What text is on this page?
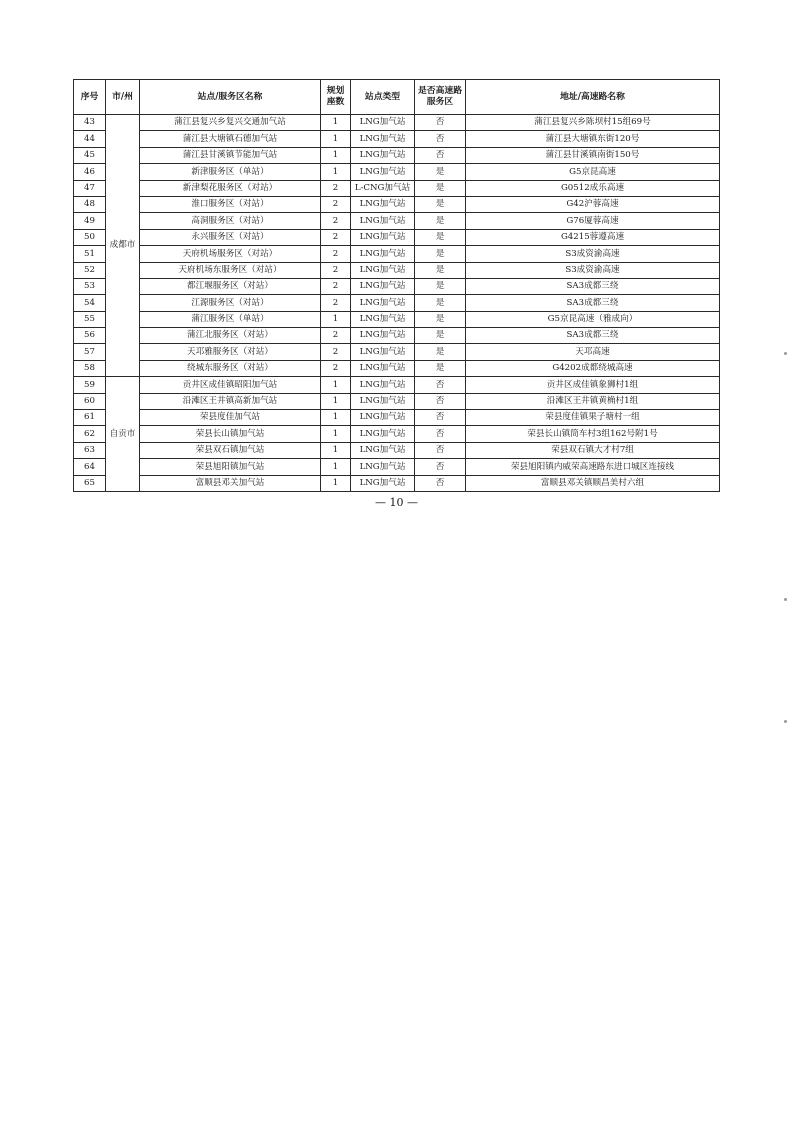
序号	市/州	站点/服务区名称	规划座数	站点类型	是否高速路服务区	地址/高速路名称
43	成都市	蒲江县复兴乡复兴交通加气站	1	LNG加气站	否	蒲江县复兴乡陈坝村15组69号
44		蒲江县大塘镇石德加气站	1	LNG加气站	否	蒲江县大塘镇东街120号
45		蒲江县甘溪镇节能加气站	1	LNG加气站	否	蒲江县甘溪镇南街150号
46		新津服务区（单站）	1	LNG加气站	是	G5京昆高速
47		新津梨花服务区（对站）	2	L-CNG加气站	是	G0512成乐高速
48		淮口服务区（对站）	2	LNG加气站	是	G42沪蓉高速
49		高洞服务区（对站）	2	LNG加气站	是	G76厦蓉高速
50		永兴服务区（对站）	2	LNG加气站	是	G4215蓉遵高速
51		天府机场服务区（对站）	2	LNG加气站	是	S3成资渝高速
52		天府机场东服务区（对站）	2	LNG加气站	是	S3成资渝高速
53		都江堰服务区（对站）	2	LNG加气站	是	SA3成都三绕
54		江源服务区（对站）	2	LNG加气站	是	SA3成都三绕
55		蒲江服务区（单站）	1	LNG加气站	是	G5京昆高速（雅成向）
56		蒲江北服务区（对站）	2	LNG加气站	是	SA3成都三绕
57		天邛雅服务区（对站）	2	LNG加气站	是	天邛高速
58		绕城东服务区（对站）	2	LNG加气站	是	G4202成都绕城高速
59	自贡市	贡井区成佳镇昭阳加气站	1	LNG加气站	否	贡井区成佳镇象狮村1组
60		沿滩区王井镇高新加气站	1	LNG加气站	否	沿滩区王井镇黄桷村1组
61		荣县度佳加气站	1	LNG加气站	否	荣县度佳镇果子塘村一组
62		荣县长山镇加气站	1	LNG加气站	否	荣县长山镇筒车村3组162号附1号
63		荣县双石镇加气站	1	LNG加气站	否	荣县双石镇大才村7组
64		荣县旭阳镇加气站	1	LNG加气站	否	荣县旭阳镇内威荣高速路东进口城区连接线
65		富顺县邓关加气站	1	LNG加气站	否	富顺县邓关镇顺昌美村六组
— 10 —
